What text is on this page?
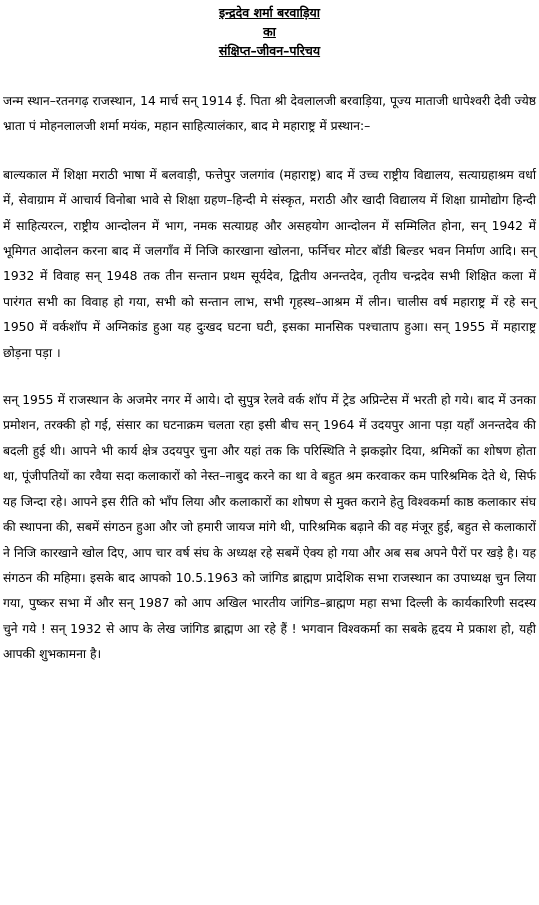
इन्द्रदेव शर्मा बरवाड़िया
का
संक्षिप्त–जीवन–परिचय

जन्म स्थान–रतनगढ़ राजस्थान, 14 मार्च सन् 1914 ई. पिता श्री देवलालजी बरवाड़िया, पूज्य माताजी धापेश्वरी देवी ज्येष्ठ भ्राता पं मोहनलालजी शर्मा मयंक, महान साहित्यालंकार, बाद मे महाराष्ट्र में प्रस्थान:–

बाल्यकाल में शिक्षा मराठी भाषा में बलवाड़ी, फत्तेपुर जलगांव (महाराष्ट्र) बाद में उच्च राष्ट्रीय विद्यालय, सत्याग्रहाश्रम वर्धा में, सेवाग्राम में आचार्य विनोबा भावे से शिक्षा ग्रहण–हिन्दी मे संस्कृत, मराठी और खादी विद्यालय में शिक्षा ग्रामोद्योग हिन्दी में साहित्यरत्न, राष्ट्रीय आन्दोलन में भाग, नमक सत्याग्रह और असहयोग आन्दोलन में सम्मिलित होना, सन् 1942 में भूमिगत आदोलन करना बाद में जलगाँव में निजि कारखाना खोलना, फर्निचर मोटर बॉडी बिल्डर भवन निर्माण आदि। सन् 1932 में विवाह सन् 1948 तक तीन सन्तान प्रथम सूर्यदेव, द्वितीय अनन्तदेव, तृतीय चन्द्रदेव सभी शिक्षित कला में पारंगत सभी का विवाह हो गया, सभी को सन्तान लाभ, सभी गृहस्थ–आश्रम में लीन। चालीस वर्ष महाराष्ट्र में रहे सन् 1950 में वर्कशॉप में अग्निकांड हुआ यह दुःखद घटना घटी, इसका मानसिक पश्चाताप हुआ। सन् 1955 में महाराष्ट्र छोड़ना पड़ा ।

सन् 1955 में राजस्थान के अजमेर नगर में आये। दो सुपुत्र रेलवे वर्क शॉप में ट्रेड अप्रिन्टेस में भरती हो गये। बाद में उनका प्रमोशन, तरक्की हो गई, संसार का घटनाक्रम चलता रहा इसी बीच सन् 1964 में उदयपुर आना पड़ा यहाँ अनन्तदेव की बदली हुई थी। आपने भी कार्य क्षेत्र उदयपुर चुना और यहां तक कि परिस्थिति ने झकझोर दिया, श्रमिकों का शोषण होता था, पूंजीपतियों का रवैया सदा कलाकारों को नेस्त–नाबुद करने का था वे बहुत श्रम करवाकर कम पारिश्रमिक देते थे, सिर्फ यह जिन्दा रहे। आपने इस रीति को भाँप लिया और कलाकारों का शोषण से मुक्त कराने हेतु विश्वकर्मा काष्ठ कलाकार संघ की स्थापना की, सबमें संगठन हुआ और जो हमारी जायज मांगे थी, पारिश्रमिक बढ़ाने की वह मंजूर हुई, बहुत से कलाकारों ने निजि कारखाने खोल दिए, आप चार वर्ष संघ के अध्यक्ष रहे सबमें ऐक्य हो गया और अब सब अपने पैरों पर खड़े है। यह संगठन की महिमा। इसके बाद आपको 10.5.1963 को जांगिड ब्राह्मण प्रादेशिक सभा राजस्थान का उपाध्यक्ष चुन लिया गया, पुष्कर सभा में और सन् 1987 को आप अखिल भारतीय जांगिड–ब्राह्मण महा सभा दिल्ली के कार्यकारिणी सदस्य चुने गये ! सन् 1932 से आप के लेख जांगिड ब्राह्मण आ रहे हैं ! भगवान विश्वकर्मा का सबके हृदय मे प्रकाश हो, यही आपकी शुभकामना है।
